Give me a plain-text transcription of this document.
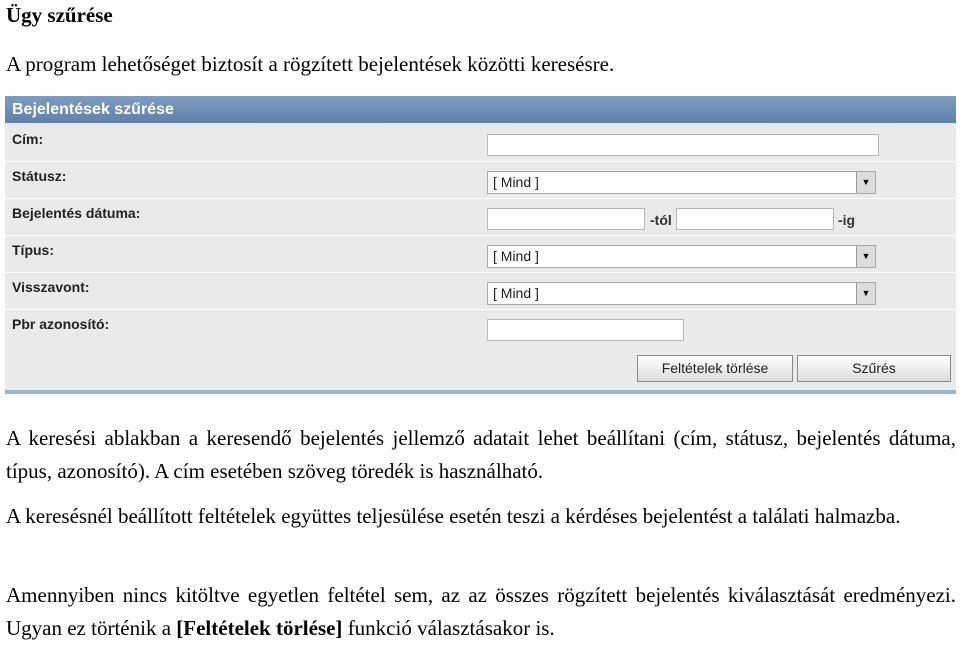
Ügy szűrése
A program lehetőséget biztosít a rögzített bejelentések közötti keresésre.
Bejelentések szűrése
Cím:
Státusz:	[ Mind ]	▼
Bejelentés dátuma:	-tól	-ig
Típus:	[ Mind ]	▼
Visszavont:	[ Mind ]	▼
Pbr azonosító:
Feltételek törlése	Szűrés
A keresési ablakban a keresendő bejelentés jellemző adatait lehet beállítani (cím, státusz, bejelentés dátuma, típus, azonosító). A cím esetében szöveg töredék is használható.
A keresésnél beállított feltételek együttes teljesülése esetén teszi a kérdéses bejelentést a találati halmazba.
Amennyiben nincs kitöltve egyetlen feltétel sem, az az összes rögzített bejelentés kiválasztását eredményezi. Ugyan ez történik a [Feltételek törlése] funkció választásakor is.
